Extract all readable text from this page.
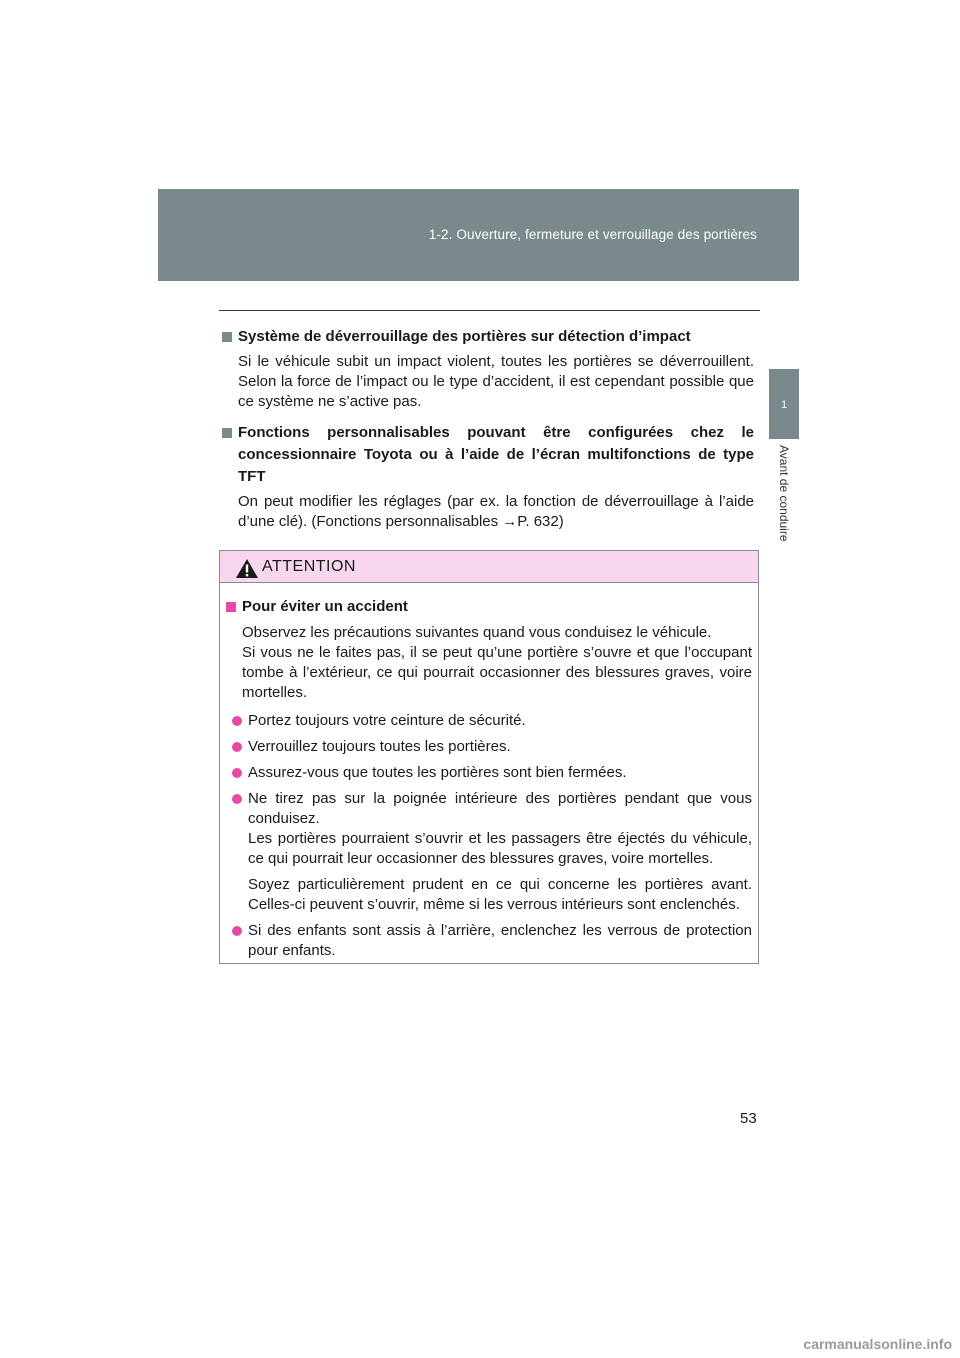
1-2. Ouverture, fermeture et verrouillage des portières
1
Avant de conduire
Système de déverrouillage des portières sur détection d’impact
Si le véhicule subit un impact violent, toutes les portières se déverrouillent. Selon la force de l’impact ou le type d’accident, il est cependant possible que ce système ne s’active pas.
Fonctions personnalisables pouvant être configurées chez le concessionnaire Toyota ou à l’aide de l’écran multifonctions de type TFT
On peut modifier les réglages (par ex. la fonction de déverrouillage à l’aide d’une clé). (Fonctions personnalisables →P. 632)
ATTENTION
Pour éviter un accident
Observez les précautions suivantes quand vous conduisez le véhicule.
Si vous ne le faites pas, il se peut qu’une portière s’ouvre et que l’occupant tombe à l’extérieur, ce qui pourrait occasionner des blessures graves, voire mortelles.
Portez toujours votre ceinture de sécurité.
Verrouillez toujours toutes les portières.
Assurez-vous que toutes les portières sont bien fermées.
Ne tirez pas sur la poignée intérieure des portières pendant que vous conduisez.
Les portières pourraient s’ouvrir et les passagers être éjectés du véhicule, ce qui pourrait leur occasionner des blessures graves, voire mortelles.
Soyez particulièrement prudent en ce qui concerne les portières avant. Celles-ci peuvent s’ouvrir, même si les verrous intérieurs sont enclenchés.
Si des enfants sont assis à l’arrière, enclenchez les verrous de protection pour enfants.
53
carmanualsonline.info
